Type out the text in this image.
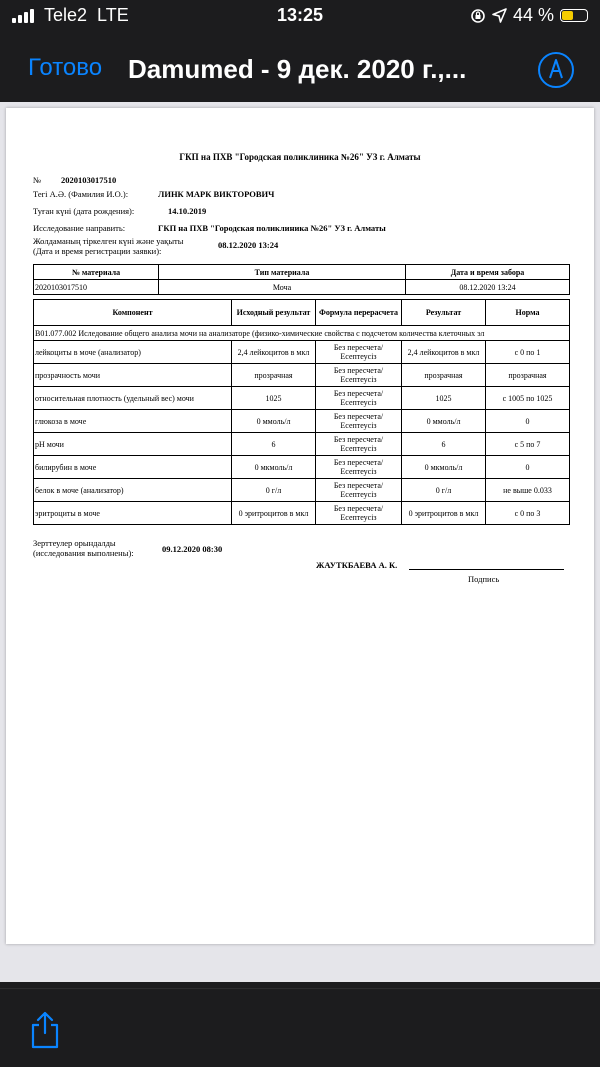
Tele2 LTE	13:25	44 %
Готово Damumed - 9 дек. 2020 г.,...
ГКП на ПХВ "Городская поликлиника №26" УЗ г. Алматы
№ 2020103017510
Тегі А.Ә. (Фамилия И.О.):	ЛИНК МАРК ВИКТОРОВИЧ
Туған күні (дата рождения):	14.10.2019
Исследование направить:	ГКП на ПХВ "Городская поликлиника №26" УЗ г. Алматы
Жолдаманың тіркелген күні және уақыты
(Дата и время регистрации заявки):
08.12.2020 13:24
№ материала	Тип материала	Дата и время забора
2020103017510	Моча	08.12.2020 13:24
Компонент	Исходный результат	Формула перерасчета	Результат	Норма
B01.077.002 Иследование общего анализа мочи на анализаторе (физико-химические свойства с подсчетом количества клеточных эл				
лейкоциты в моче (анализатор)	2,4 лейкоцитов в мкл	Без пересчета/ Есептеусіз	2,4 лейкоцитов в мкл	с 0 по 1
прозрачность мочи	прозрачная	Без пересчета/ Есептеусіз	прозрачная	прозрачная
относительная плотность (удельный вес) мочи	1025	Без пересчета/ Есептеусіз	1025	с 1005 по 1025
глюкоза в моче	0 ммоль/л	Без пересчета/ Есептеусіз	0 ммоль/л	0
pH мочи	6	Без пересчета/ Есептеусіз	6	с 5 по 7
билирубин в моче	0 мкмоль/л	Без пересчета/ Есептеусіз	0 мкмоль/л	0
белок в моче (анализатор)	0 г/л	Без пересчета/ Есептеусіз	0 г/л	не выше 0.033
эритроциты в моче	0 эритроцитов в мкл	Без пересчета/ Есептеусіз	0 эритроцитов в мкл	с 0 по 3
Зерттеулер орындалды
(исследования выполнены):	09.12.2020 08:30
ЖАУТКБАЕВА А. К.
Подпись
